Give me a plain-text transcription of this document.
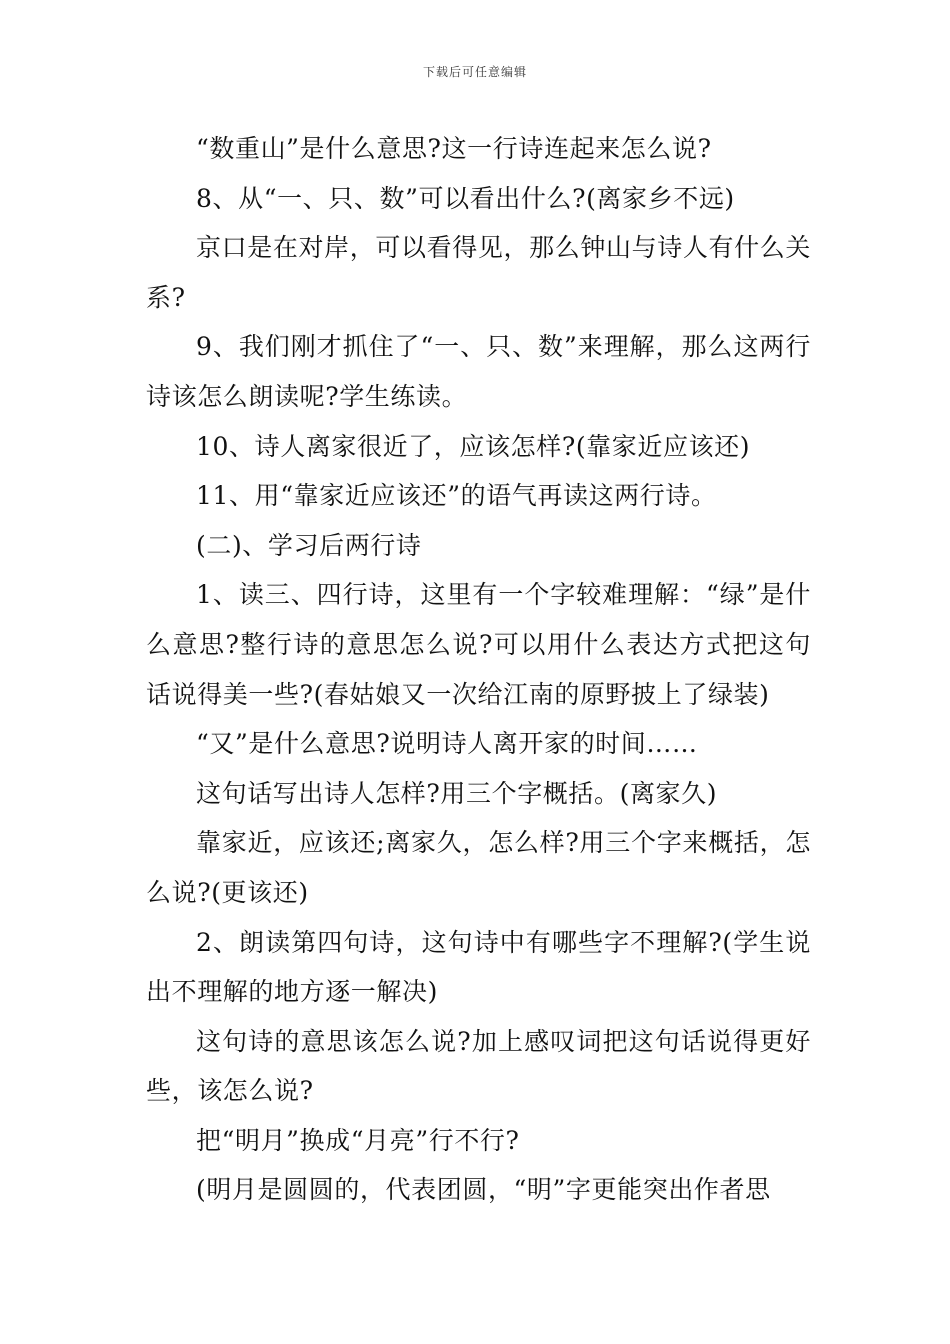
下载后可任意编辑

“数重山”是什么意思?这一行诗连起来怎么说?

8、从“一、只、数”可以看出什么?(离家乡不远)

京口是在对岸，可以看得见，那么钟山与诗人有什么关系?

9、我们刚才抓住了“一、只、数”来理解，那么这两行诗该怎么朗读呢?学生练读。

10、诗人离家很近了，应该怎样?(靠家近应该还)

11、用“靠家近应该还”的语气再读这两行诗。

(二)、学习后两行诗

1、读三、四行诗，这里有一个字较难理解：“绿”是什么意思?整行诗的意思怎么说?可以用什么表达方式把这句话说得美一些?(春姑娘又一次给江南的原野披上了绿装)

“又”是什么意思?说明诗人离开家的时间……

这句话写出诗人怎样?用三个字概括。(离家久)

靠家近，应该还;离家久，怎么样?用三个字来概括，怎么说?(更该还)

2、朗读第四句诗，这句诗中有哪些字不理解?(学生说出不理解的地方逐一解决)

这句诗的意思该怎么说?加上感叹词把这句话说得更好些，该怎么说?

把“明月”换成“月亮”行不行?

(明月是圆圆的，代表团圆，“明”字更能突出作者思
